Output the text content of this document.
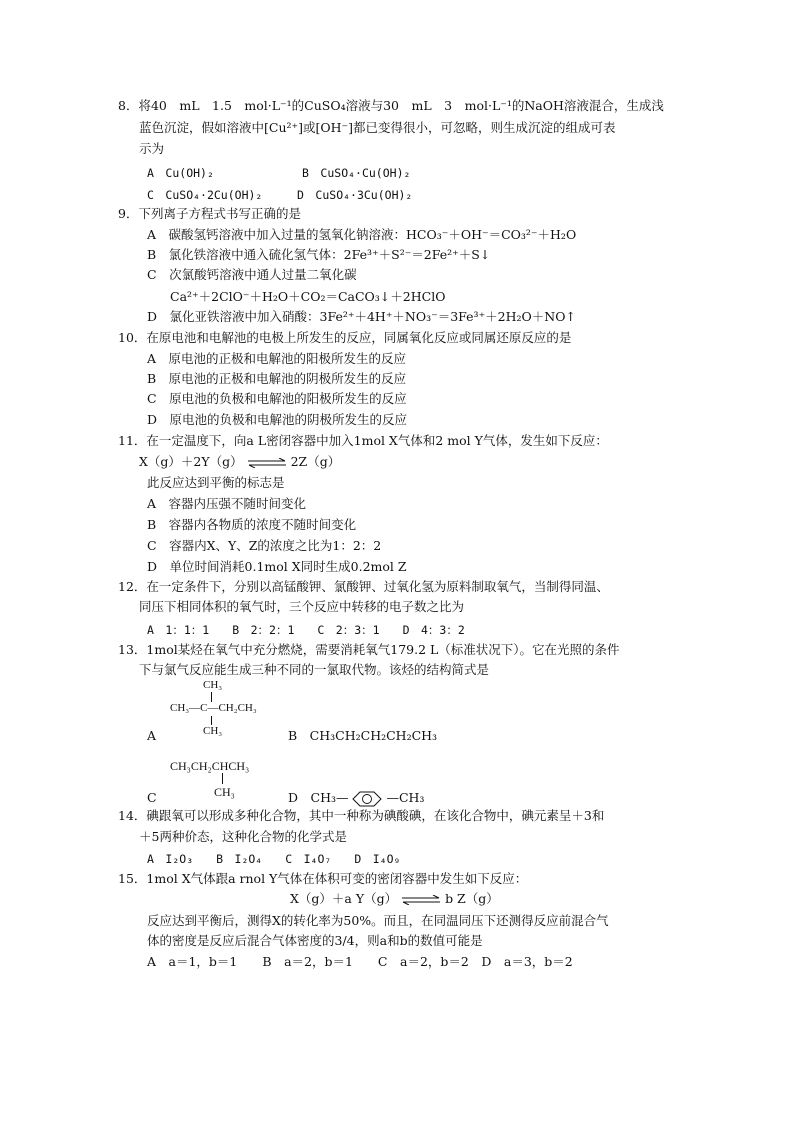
8．将40　mL　1.5　mol·L⁻¹的CuSO₄溶液与30　mL　3　mol·L⁻¹的NaOH溶液混合，生成浅
蓝色沉淀，假如溶液中[Cu²⁺]或[OH⁻]都已变得很小，可忽略，则生成沉淀的组成可表
示为
A　Cu(OH)₂	B　CuSO₄·Cu(OH)₂
C　CuSO₄·2Cu(OH)₂	D　CuSO₄·3Cu(OH)₂
9．下列离子方程式书写正确的是
A　碳酸氢钙溶液中加入过量的氢氧化钠溶液：HCO₃⁻＋OH⁻＝CO₃²⁻＋H₂O
B　氯化铁溶液中通入硫化氢气体：2Fe³⁺＋S²⁻＝2Fe²⁺＋S↓
C　次氯酸钙溶液中通人过量二氧化碳
Ca²⁺＋2ClO⁻＋H₂O＋CO₂＝CaCO₃↓＋2HClO
D　氯化亚铁溶液中加入硝酸：3Fe²⁺＋4H⁺＋NO₃⁻＝3Fe³⁺＋2H₂O＋NO↑
10．在原电池和电解池的电极上所发生的反应，同属氧化反应或同属还原反应的是
A　原电池的正极和电解池的阳极所发生的反应
B　原电池的正极和电解池的阴极所发生的反应
C　原电池的负极和电解池的阳极所发生的反应
D　原电池的负极和电解池的阴极所发生的反应
11．在一定温度下，向a L密闭容器中加入1mol X气体和2 mol Y气体，发生如下反应：
X（g）＋2Y（g） ⇌ 2Z（g）
此反应达到平衡的标志是
A　容器内压强不随时间变化
B　容器内各物质的浓度不随时间变化
C　容器内X、Y、Z的浓度之比为1：2：2
D　单位时间消耗0.1mol X同时生成0.2mol Z
12．在一定条件下，分别以高锰酸钾、氯酸钾、过氧化氢为原料制取氧气，当制得同温、
同压下相同体积的氧气时，三个反应中转移的电子数之比为
A　1：1：1　　B　2：2：1　　C　2：3：1　　D　4：3：2
13．1mol某烃在氧气中充分燃烧，需要消耗氧气179.2 L（标准状况下）。它在光照的条件
下与氯气反应能生成三种不同的一氯取代物。该烃的结构简式是
CH₃
CH₃—C—CH₂CH₃
CH₃
A	B　CH₃CH₂CH₂CH₂CH₃
CH₃CH₂CHCH₃
CH₃
C	D　CH₃—	—CH₃
14．碘跟氧可以形成多种化合物，其中一种称为碘酸碘，在该化合物中，碘元素呈＋3和
＋5两种价态，这种化合物的化学式是
A　I₂O₃　　B　I₂O₄　　C　I₄O₇　　D　I₄O₉
15．1mol X气体跟a rnol Y气体在体积可变的密闭容器中发生如下反应：
X（g）＋a Y（g） ⇌ b Z（g）
反应达到平衡后，测得X的转化率为50%。而且，在同温同压下还测得反应前混合气
体的密度是反应后混合气体密度的3/4，则a和b的数值可能是
A　a＝1，b＝1　　B　a＝2，b＝1　　C　a＝2，b＝2　D　a＝3，b＝2
